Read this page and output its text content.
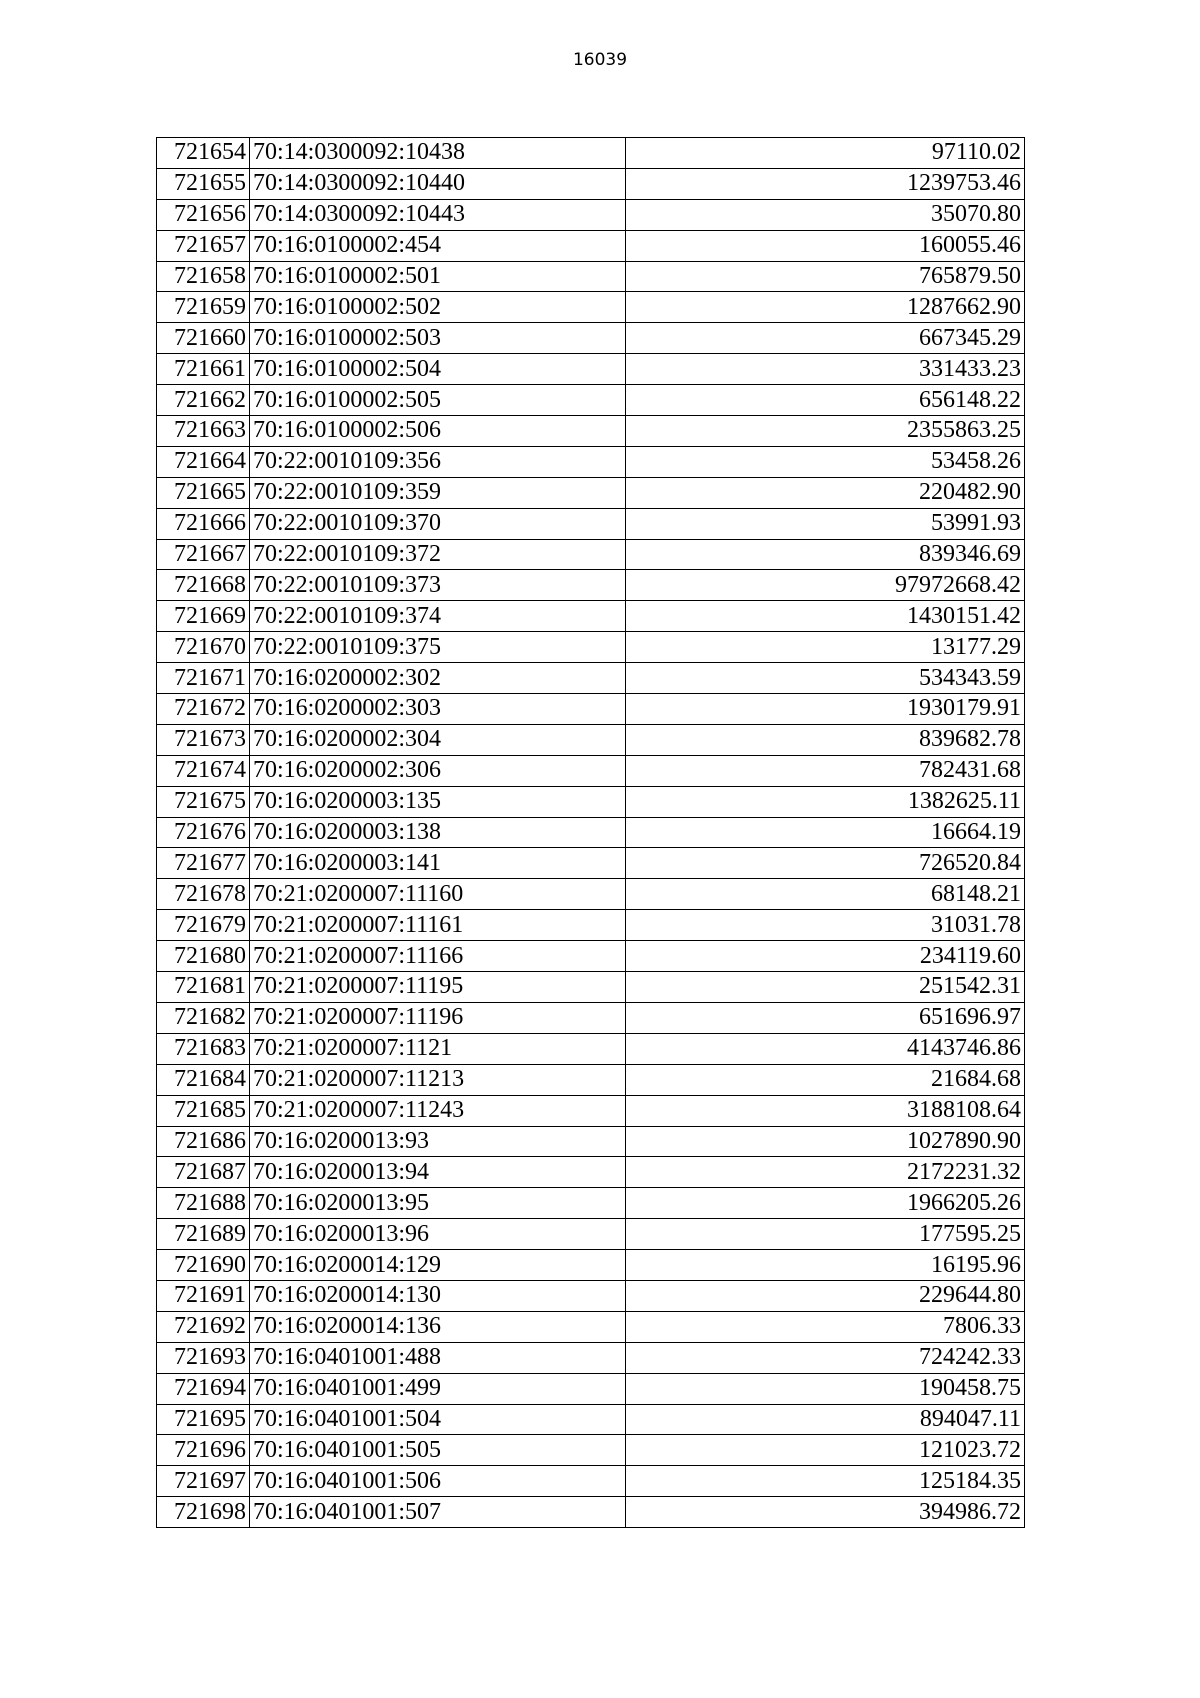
16039
721654	70:14:0300092:10438	97110.02
721655	70:14:0300092:10440	1239753.46
721656	70:14:0300092:10443	35070.80
721657	70:16:0100002:454	160055.46
721658	70:16:0100002:501	765879.50
721659	70:16:0100002:502	1287662.90
721660	70:16:0100002:503	667345.29
721661	70:16:0100002:504	331433.23
721662	70:16:0100002:505	656148.22
721663	70:16:0100002:506	2355863.25
721664	70:22:0010109:356	53458.26
721665	70:22:0010109:359	220482.90
721666	70:22:0010109:370	53991.93
721667	70:22:0010109:372	839346.69
721668	70:22:0010109:373	97972668.42
721669	70:22:0010109:374	1430151.42
721670	70:22:0010109:375	13177.29
721671	70:16:0200002:302	534343.59
721672	70:16:0200002:303	1930179.91
721673	70:16:0200002:304	839682.78
721674	70:16:0200002:306	782431.68
721675	70:16:0200003:135	1382625.11
721676	70:16:0200003:138	16664.19
721677	70:16:0200003:141	726520.84
721678	70:21:0200007:11160	68148.21
721679	70:21:0200007:11161	31031.78
721680	70:21:0200007:11166	234119.60
721681	70:21:0200007:11195	251542.31
721682	70:21:0200007:11196	651696.97
721683	70:21:0200007:1121	4143746.86
721684	70:21:0200007:11213	21684.68
721685	70:21:0200007:11243	3188108.64
721686	70:16:0200013:93	1027890.90
721687	70:16:0200013:94	2172231.32
721688	70:16:0200013:95	1966205.26
721689	70:16:0200013:96	177595.25
721690	70:16:0200014:129	16195.96
721691	70:16:0200014:130	229644.80
721692	70:16:0200014:136	7806.33
721693	70:16:0401001:488	724242.33
721694	70:16:0401001:499	190458.75
721695	70:16:0401001:504	894047.11
721696	70:16:0401001:505	121023.72
721697	70:16:0401001:506	125184.35
721698	70:16:0401001:507	394986.72
